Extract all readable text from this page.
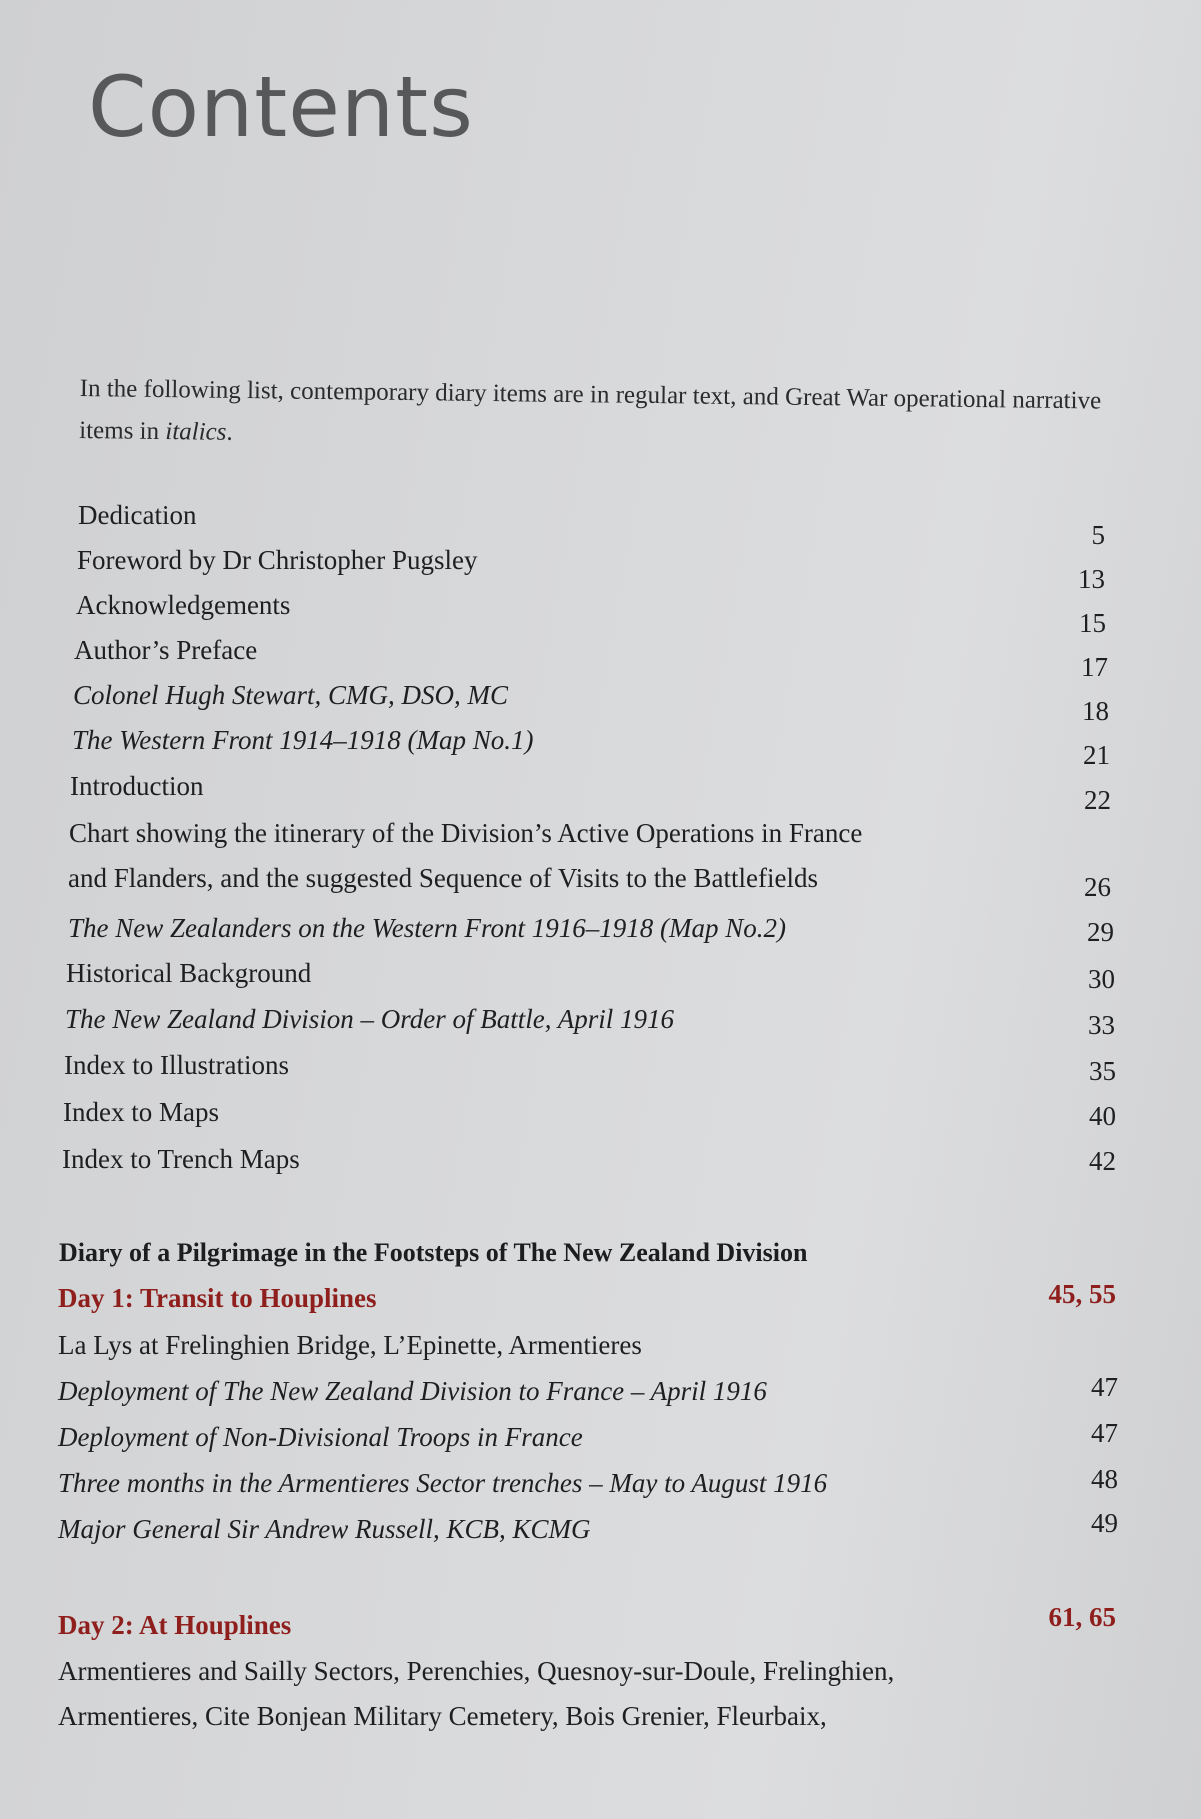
Contents
In the following list, contemporary diary items are in regular text, and Great War operational narrative items in italics.
Dedication
5
Foreword by Dr Christopher Pugsley
13
Acknowledgements
15
Author’s Preface
17
Colonel Hugh Stewart, CMG, DSO, MC
18
The Western Front 1914–1918 (Map No.1)	21
Introduction	22
Chart showing the itinerary of the Division’s Active Operations in France
and Flanders, and the suggested Sequence of Visits to the Battlefields	26
The New Zealanders on the Western Front 1916–1918 (Map No.2)	29
Historical Background	30
The New Zealand Division – Order of Battle, April 1916	33
Index to Illustrations	35
Index to Maps	40
Index to Trench Maps	42
Diary of a Pilgrimage in the Footsteps of The New Zealand Division
Day 1: Transit to Houplines	45, 55
La Lys at Frelinghien Bridge, L’Epinette, Armentieres
Deployment of The New Zealand Division to France – April 1916	47
Deployment of Non-Divisional Troops in France	47
Three months in the Armentieres Sector trenches – May to August 1916	48
Major General Sir Andrew Russell, KCB, KCMG	49
Day 2: At Houplines	61, 65
Armentieres and Sailly Sectors, Perenchies, Quesnoy-sur-Doule, Frelinghien,
Armentieres, Cite Bonjean Military Cemetery, Bois Grenier, Fleurbaix,
